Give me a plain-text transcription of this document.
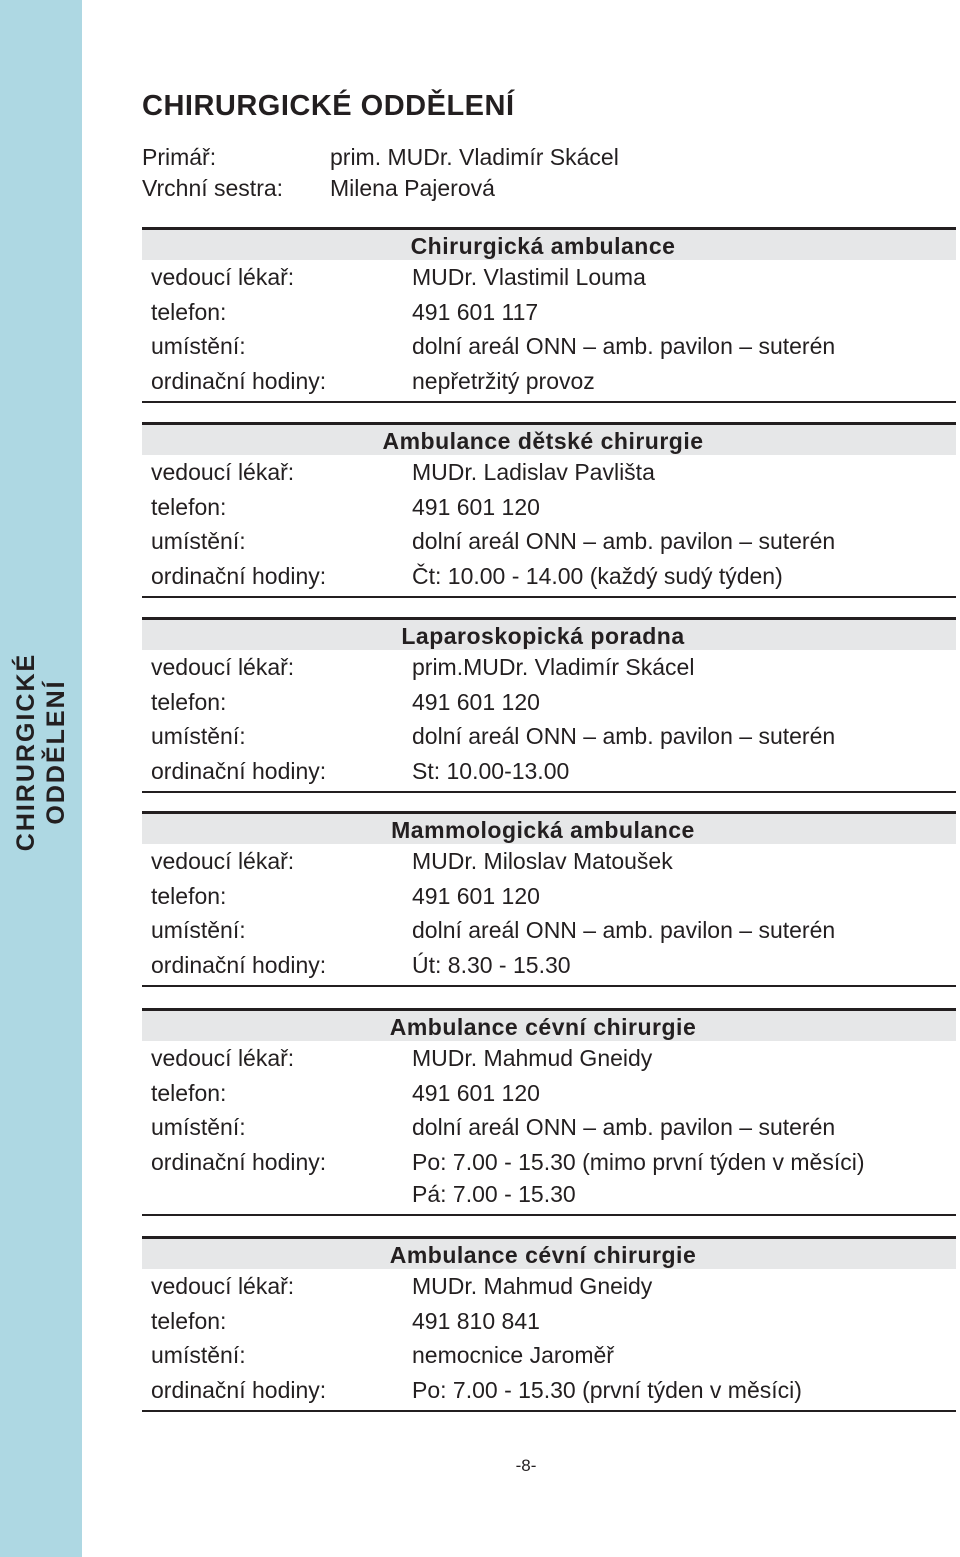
CHIRURGICKÉ ODDĚLENÍ
CHIRURGICKÉ ODDĚLENÍ
Primář:	prim. MUDr. Vladimír Skácel
Vrchní sestra:	Milena Pajerová
Chirurgická ambulance
vedoucí lékař:	MUDr. Vlastimil Louma
telefon:	491 601 117
umístění:	dolní areál ONN – amb. pavilon – suterén
ordinační hodiny:	nepřetržitý provoz
Ambulance dětské chirurgie
vedoucí lékař:	MUDr. Ladislav Pavlišta
telefon:	491 601 120
umístění:	dolní areál ONN – amb. pavilon – suterén
ordinační hodiny:	Čt: 10.00 - 14.00 (každý sudý týden)
Laparoskopická poradna
vedoucí lékař:	prim.MUDr. Vladimír Skácel
telefon:	491 601 120
umístění:	dolní areál ONN – amb. pavilon – suterén
ordinační hodiny:	St: 10.00-13.00
Mammologická ambulance
vedoucí lékař:	MUDr. Miloslav Matoušek
telefon:	491 601 120
umístění:	dolní areál ONN – amb. pavilon – suterén
ordinační hodiny:	Út: 8.30 - 15.30
Ambulance cévní chirurgie
vedoucí lékař:	MUDr. Mahmud Gneidy
telefon:	491 601 120
umístění:	dolní areál ONN – amb. pavilon – suterén
ordinační hodiny:	Po: 7.00 - 15.30 (mimo první týden v měsíci)
Pá: 7.00 - 15.30
Ambulance cévní chirurgie
vedoucí lékař:	MUDr. Mahmud Gneidy
telefon:	491 810 841
umístění:	nemocnice Jaroměř
ordinační hodiny:	Po: 7.00 - 15.30 (první týden v měsíci)
-8-
